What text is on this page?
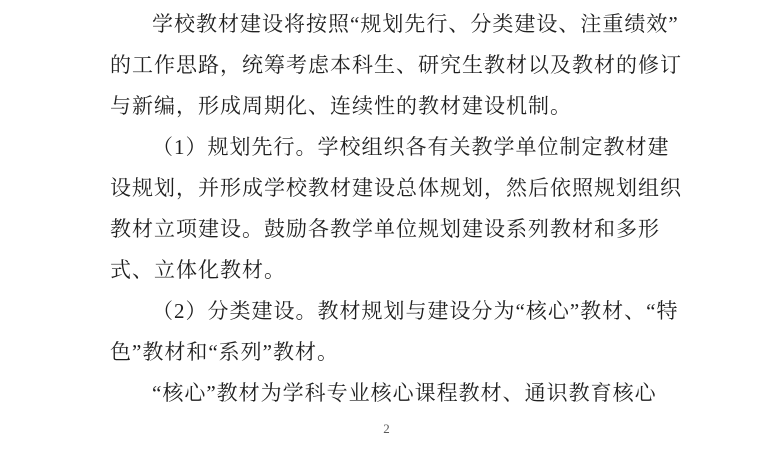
学校教材建设将按照“规划先行、分类建设、注重绩效”
的工作思路，统筹考虑本科生、研究生教材以及教材的修订
与新编，形成周期化、连续性的教材建设机制。
（1）规划先行。学校组织各有关教学单位制定教材建
设规划，并形成学校教材建设总体规划，然后依照规划组织
教材立项建设。鼓励各教学单位规划建设系列教材和多形
式、立体化教材。
（2）分类建设。教材规划与建设分为“核心”教材、“特
色”教材和“系列”教材。
“核心”教材为学科专业核心课程教材、通识教育核心
2
